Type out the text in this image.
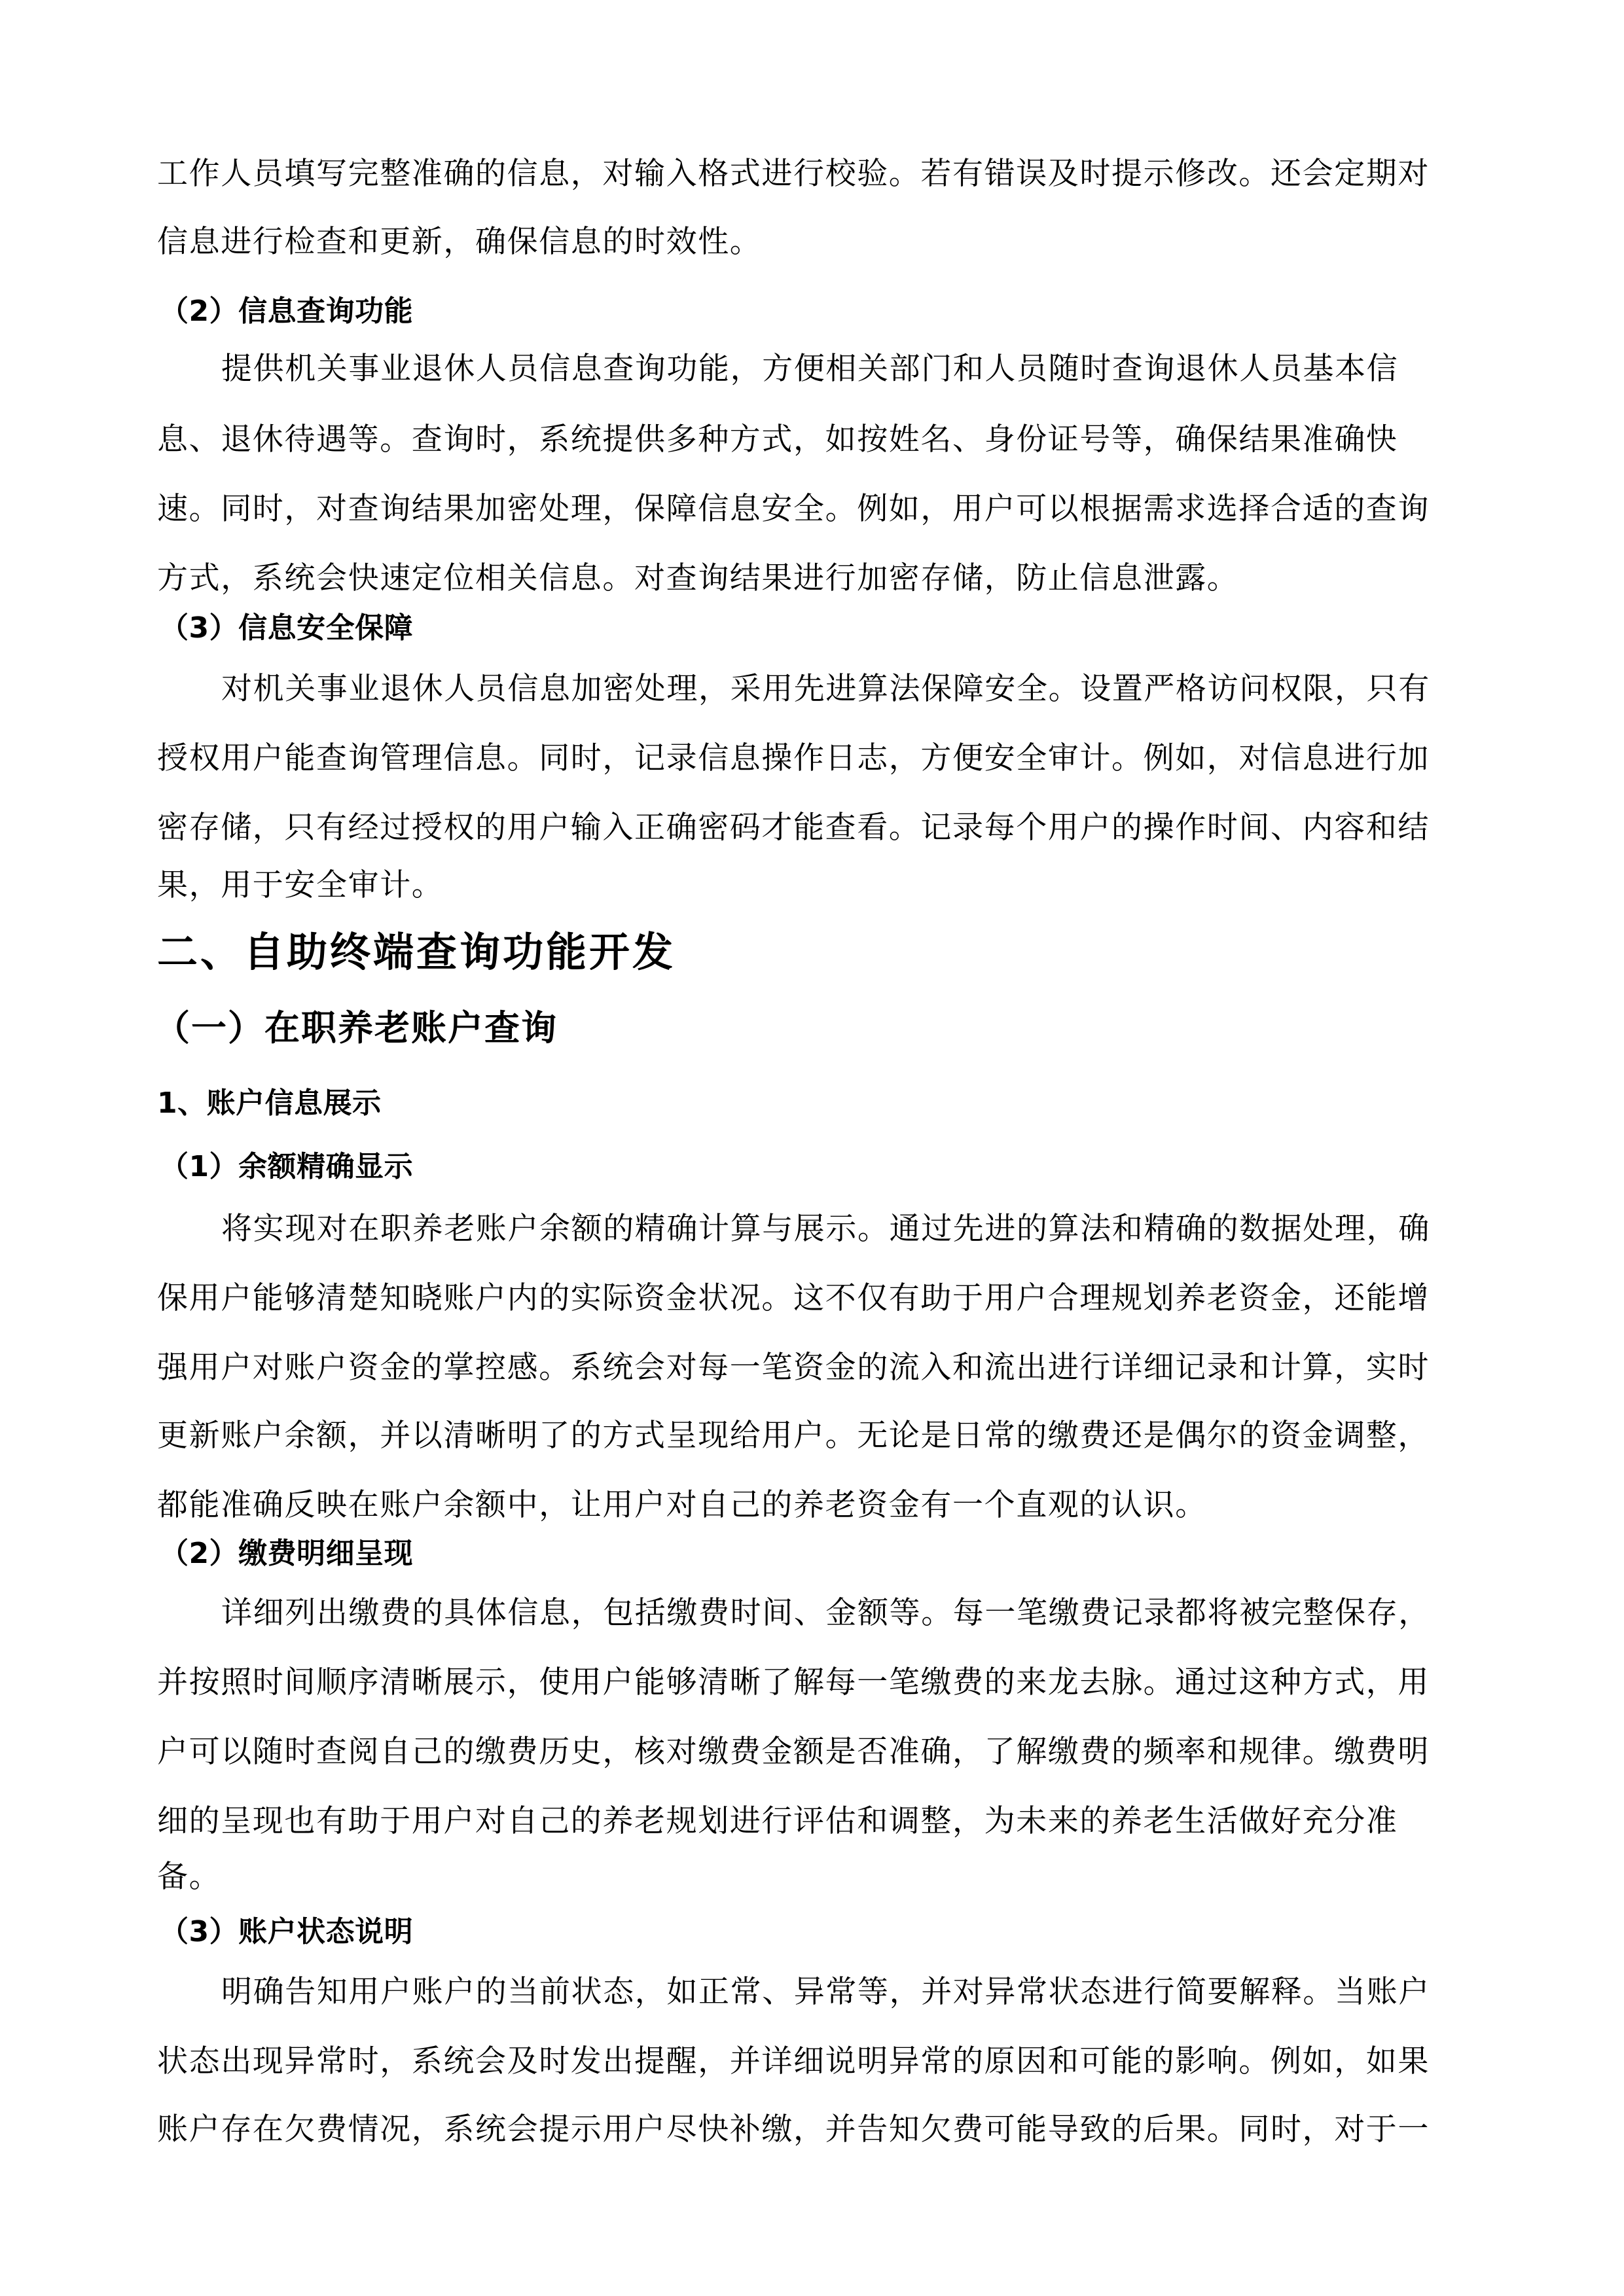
工作人员填写完整准确的信息，对输入格式进行校验。若有错误及时提示修改。还会定期对
信息进行检查和更新，确保信息的时效性。
（2）信息查询功能
提供机关事业退休人员信息查询功能，方便相关部门和人员随时查询退休人员基本信
息、退休待遇等。查询时，系统提供多种方式，如按姓名、身份证号等，确保结果准确快
速。同时，对查询结果加密处理，保障信息安全。例如，用户可以根据需求选择合适的查询
方式，系统会快速定位相关信息。对查询结果进行加密存储，防止信息泄露。
（3）信息安全保障
对机关事业退休人员信息加密处理，采用先进算法保障安全。设置严格访问权限，只有
授权用户能查询管理信息。同时，记录信息操作日志，方便安全审计。例如，对信息进行加
密存储，只有经过授权的用户输入正确密码才能查看。记录每个用户的操作时间、内容和结
果，用于安全审计。
二、自助终端查询功能开发
（一）在职养老账户查询
1、账户信息展示
（1）余额精确显示
将实现对在职养老账户余额的精确计算与展示。通过先进的算法和精确的数据处理，确
保用户能够清楚知晓账户内的实际资金状况。这不仅有助于用户合理规划养老资金，还能增
强用户对账户资金的掌控感。系统会对每一笔资金的流入和流出进行详细记录和计算，实时
更新账户余额，并以清晰明了的方式呈现给用户。无论是日常的缴费还是偶尔的资金调整，
都能准确反映在账户余额中，让用户对自己的养老资金有一个直观的认识。
（2）缴费明细呈现
详细列出缴费的具体信息，包括缴费时间、金额等。每一笔缴费记录都将被完整保存，
并按照时间顺序清晰展示，使用户能够清晰了解每一笔缴费的来龙去脉。通过这种方式，用
户可以随时查阅自己的缴费历史，核对缴费金额是否准确，了解缴费的频率和规律。缴费明
细的呈现也有助于用户对自己的养老规划进行评估和调整，为未来的养老生活做好充分准
备。
（3）账户状态说明
明确告知用户账户的当前状态，如正常、异常等，并对异常状态进行简要解释。当账户
状态出现异常时，系统会及时发出提醒，并详细说明异常的原因和可能的影响。例如，如果
账户存在欠费情况，系统会提示用户尽快补缴，并告知欠费可能导致的后果。同时，对于一
